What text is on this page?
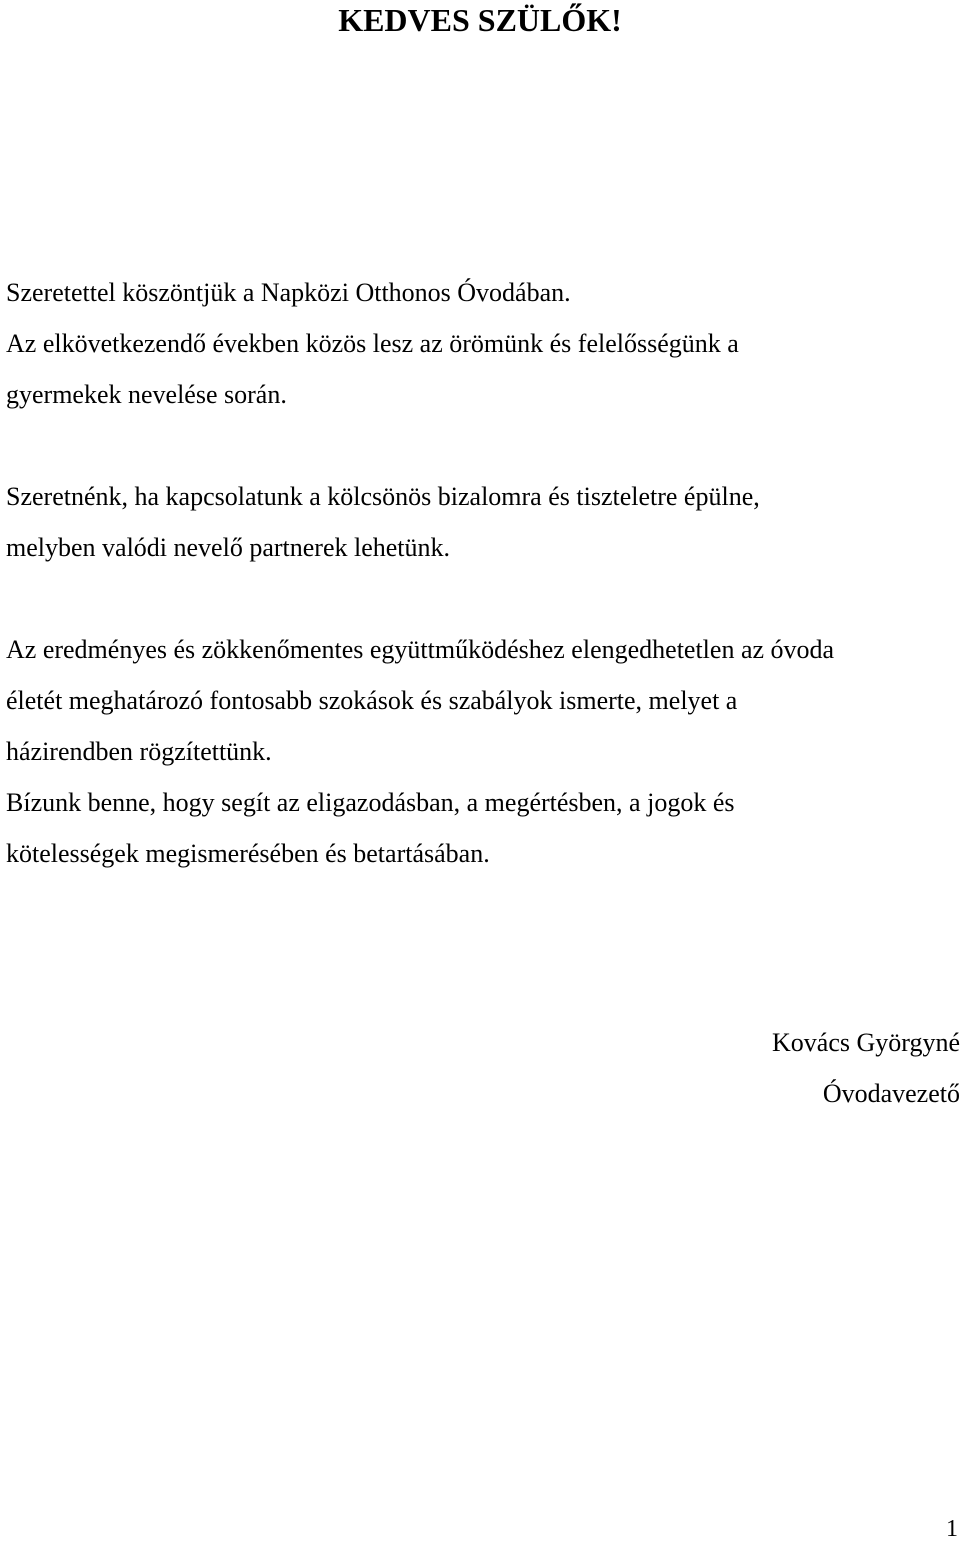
KEDVES SZÜLŐK!

Szeretettel köszöntjük a Napközi Otthonos Óvodában.

Az elkövetkezendő években közös lesz az örömünk és felelősségünk a

gyermekek nevelése során.

Szeretnénk, ha kapcsolatunk a kölcsönös bizalomra és tiszteletre épülne,

melyben valódi nevelő partnerek lehetünk.

Az eredményes és zökkenőmentes együttműködéshez elengedhetetlen az óvoda

életét meghatározó fontosabb szokások és szabályok ismerte, melyet a

házirendben rögzítettünk.

Bízunk benne, hogy segít az eligazodásban, a megértésben, a jogok és

kötelességek megismerésében és betartásában.

Kovács Györgyné

Óvodavezető

1
